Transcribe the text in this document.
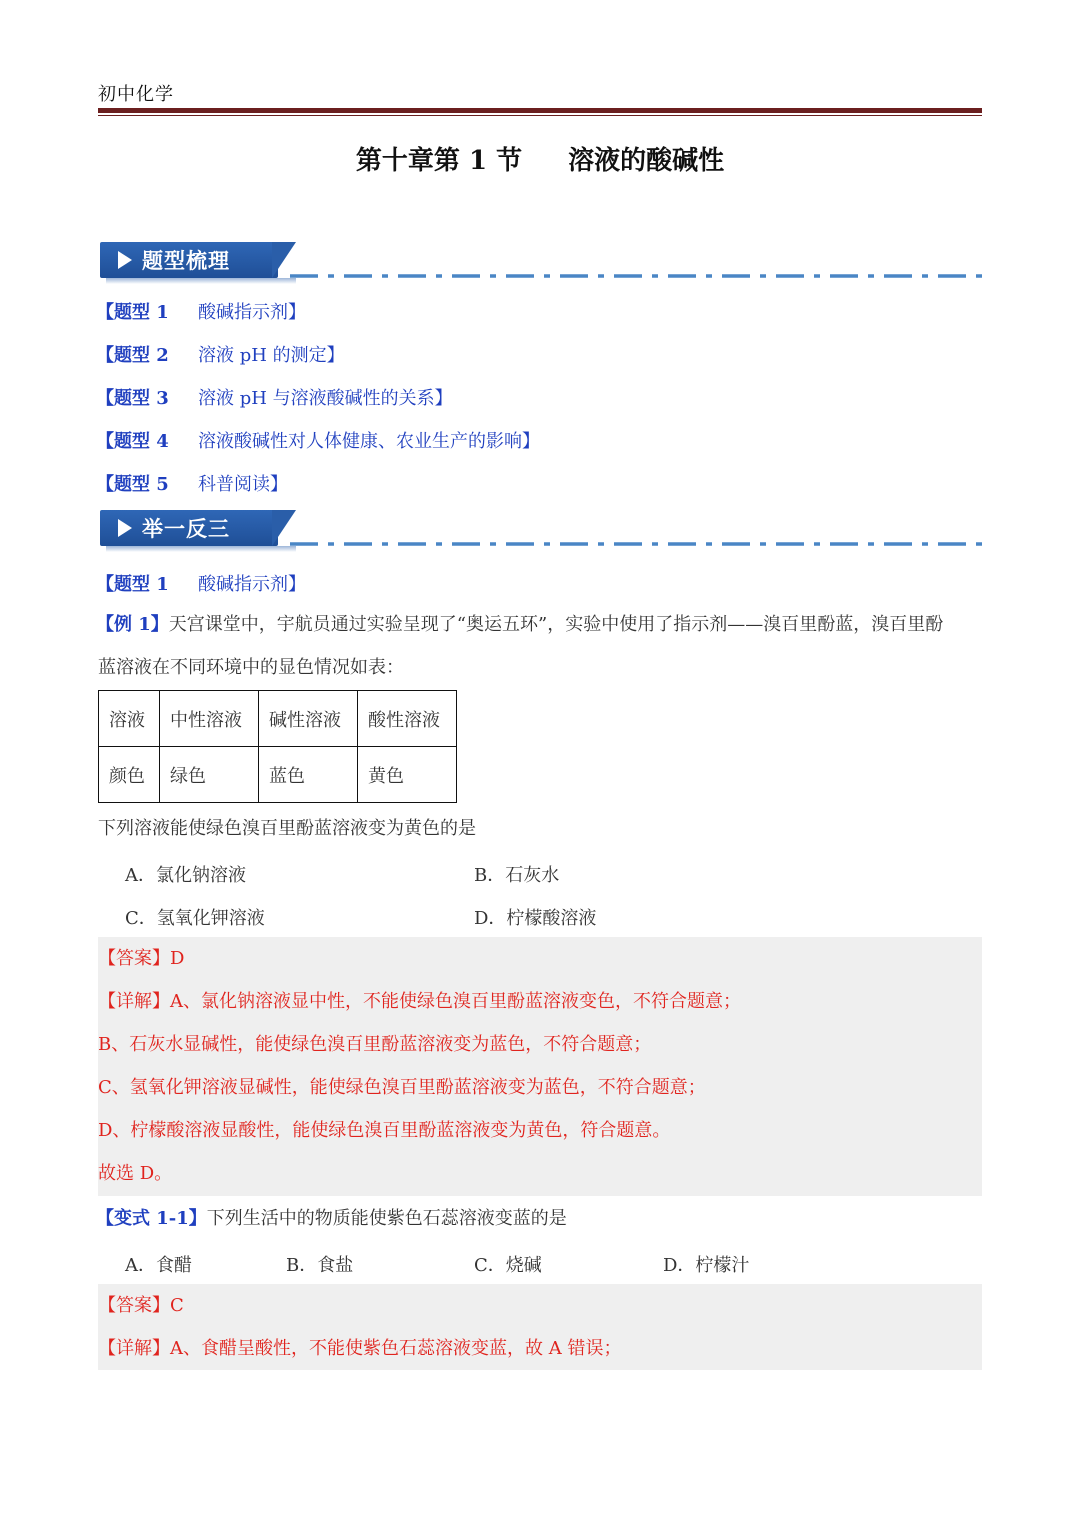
初中化学
第十章第 1 节 溶液的酸碱性
题型梳理
【题型 1 酸碱指示剂】
【题型 2 溶液 pH 的测定】
【题型 3 溶液 pH 与溶液酸碱性的关系】
【题型 4 溶液酸碱性对人体健康、农业生产的影响】
【题型 5 科普阅读】
举一反三
【题型 1 酸碱指示剂】
【例 1】天宫课堂中，宇航员通过实验呈现了“奥运五环”，实验中使用了指示剂——溴百里酚蓝，溴百里酚
蓝溶液在不同环境中的显色情况如表：
溶液	中性溶液	碱性溶液	酸性溶液
颜色	绿色	蓝色	黄色
下列溶液能使绿色溴百里酚蓝溶液变为黄色的是
A．氯化钠溶液	B．石灰水
C．氢氧化钾溶液	D．柠檬酸溶液
【答案】D
【详解】A、氯化钠溶液显中性，不能使绿色溴百里酚蓝溶液变色，不符合题意；
B、石灰水显碱性，能使绿色溴百里酚蓝溶液变为蓝色，不符合题意；
C、氢氧化钾溶液显碱性，能使绿色溴百里酚蓝溶液变为蓝色，不符合题意；
D、柠檬酸溶液显酸性，能使绿色溴百里酚蓝溶液变为黄色，符合题意。
故选 D。
【变式 1-1】下列生活中的物质能使紫色石蕊溶液变蓝的是
A．食醋	B．食盐	C．烧碱	D．柠檬汁
【答案】C
【详解】A、食醋呈酸性，不能使紫色石蕊溶液变蓝，故 A 错误；
